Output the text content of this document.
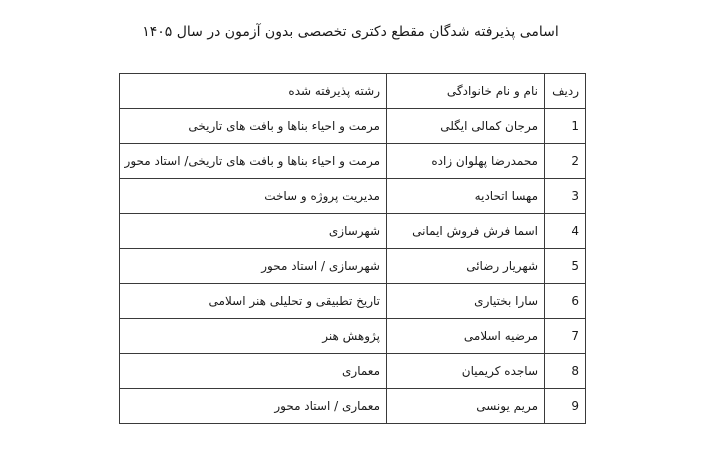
اسامی پذیرفته شدگان مقطع دکتری تخصصی بدون آزمون در سال ۱۴۰۵
ردیف	نام و نام خانوادگی	رشته پذیرفته شده
1	مرجان کمالی ایگلی	مرمت و احیاء بناها و بافت های تاریخی
2	محمدرضا پهلوان زاده	مرمت و احیاء بناها و بافت های تاریخی/ استاد محور
3	مهسا اتحادیه	مدیریت پروژه و ساخت
4	اسما فرش فروش ایمانی	شهرسازی
5	شهریار رضائی	شهرسازی / استاد محور
6	سارا بختیاری	تاریخ تطبیقی و تحلیلی هنر اسلامی
7	مرضیه اسلامی	پژوهش هنر
8	ساجده کریمیان	معماری
9	مریم یونسی	معماری / استاد محور
